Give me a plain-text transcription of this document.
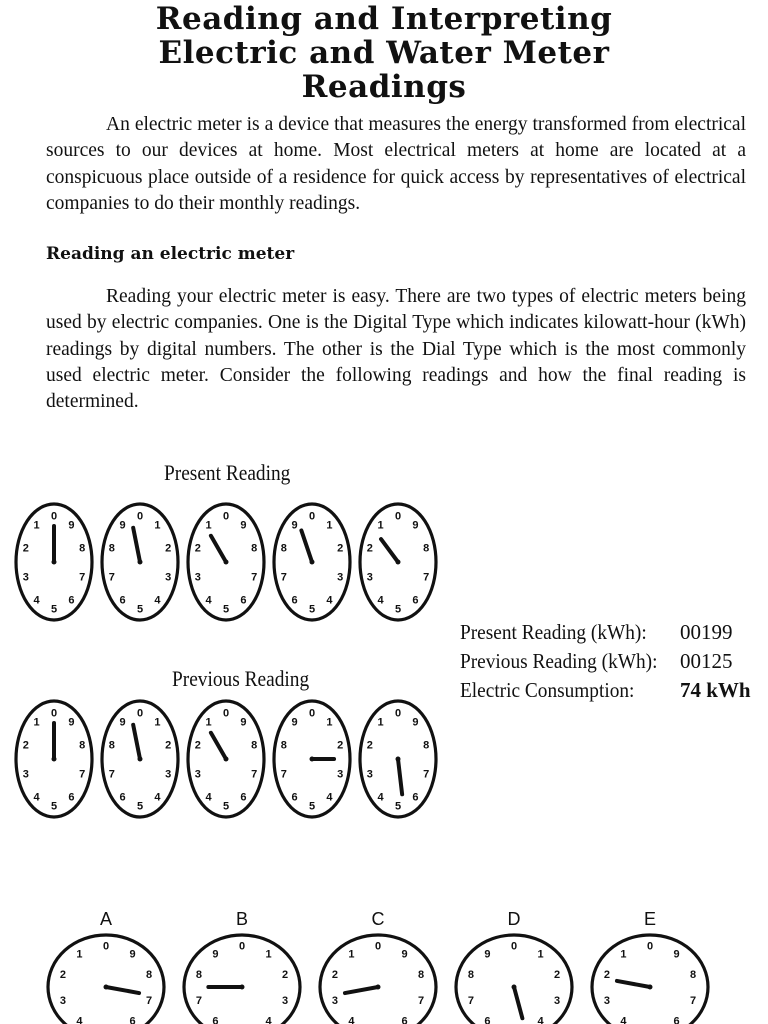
Reading and Interpreting
Electric and Water Meter
Readings

An electric meter is a device that measures the energy transformed from electrical sources to our devices at home. Most electrical meters at home are located at a conspicuous place outside of a residence for quick access by representatives of electrical companies to do their monthly readings.

Reading an electric meter

Reading your electric meter is easy. There are two types of electric meters being used by electric companies. One is the Digital Type which indicates kilowatt-hour (kWh) readings by digital numbers. The other is the Dial Type which is the most commonly used electric meter. Consider the following readings and how the final reading is determined.

Present Reading
0
1
2
3
4
5
6
7
8
9
0
1
2
3
4
5
6
7
8
9
0
1
2
3
4
5
6
7
8
9
0
1
2
3
4
5
6
7
8
9
0
1
2
3
4
5
6
7
8
9
Previous Reading
0
1
2
3
4
5
6
7
8
9
0
1
2
3
4
5
6
7
8
9
0
1
2
3
4
5
6
7
8
9
0
1
2
3
4
5
6
7
8
9
0
1
2
3
4
5
6
7
8
9
Present Reading (kWh):	00199
Previous Reading (kWh): 00125
Electric Consumption:	74 kWh
0
1
2
3
4	6
7
8
9
A
0
1
2
3
4
6
7
8
9
B
0
1
2
3
4	6
7
8
9
C
0
1
2
3
4
6
7
8
9
D
0
1
2
3
4	6
7
8
9
E
